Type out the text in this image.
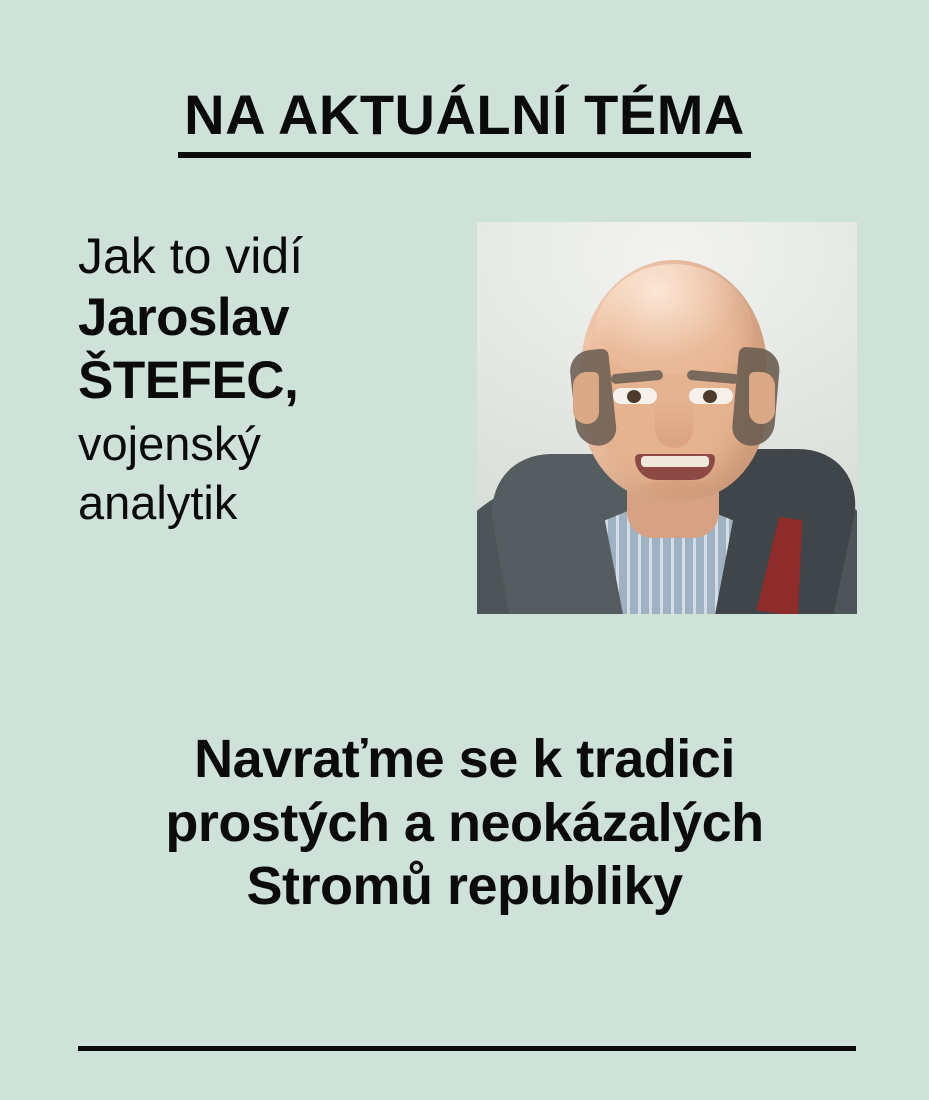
NA AKTUÁLNÍ TÉMA
Jak to vidí
Jaroslav
ŠTEFEC,
vojenský
analytik
Navraťme se k tradici
prostých a neokázalých
Stromů republiky
